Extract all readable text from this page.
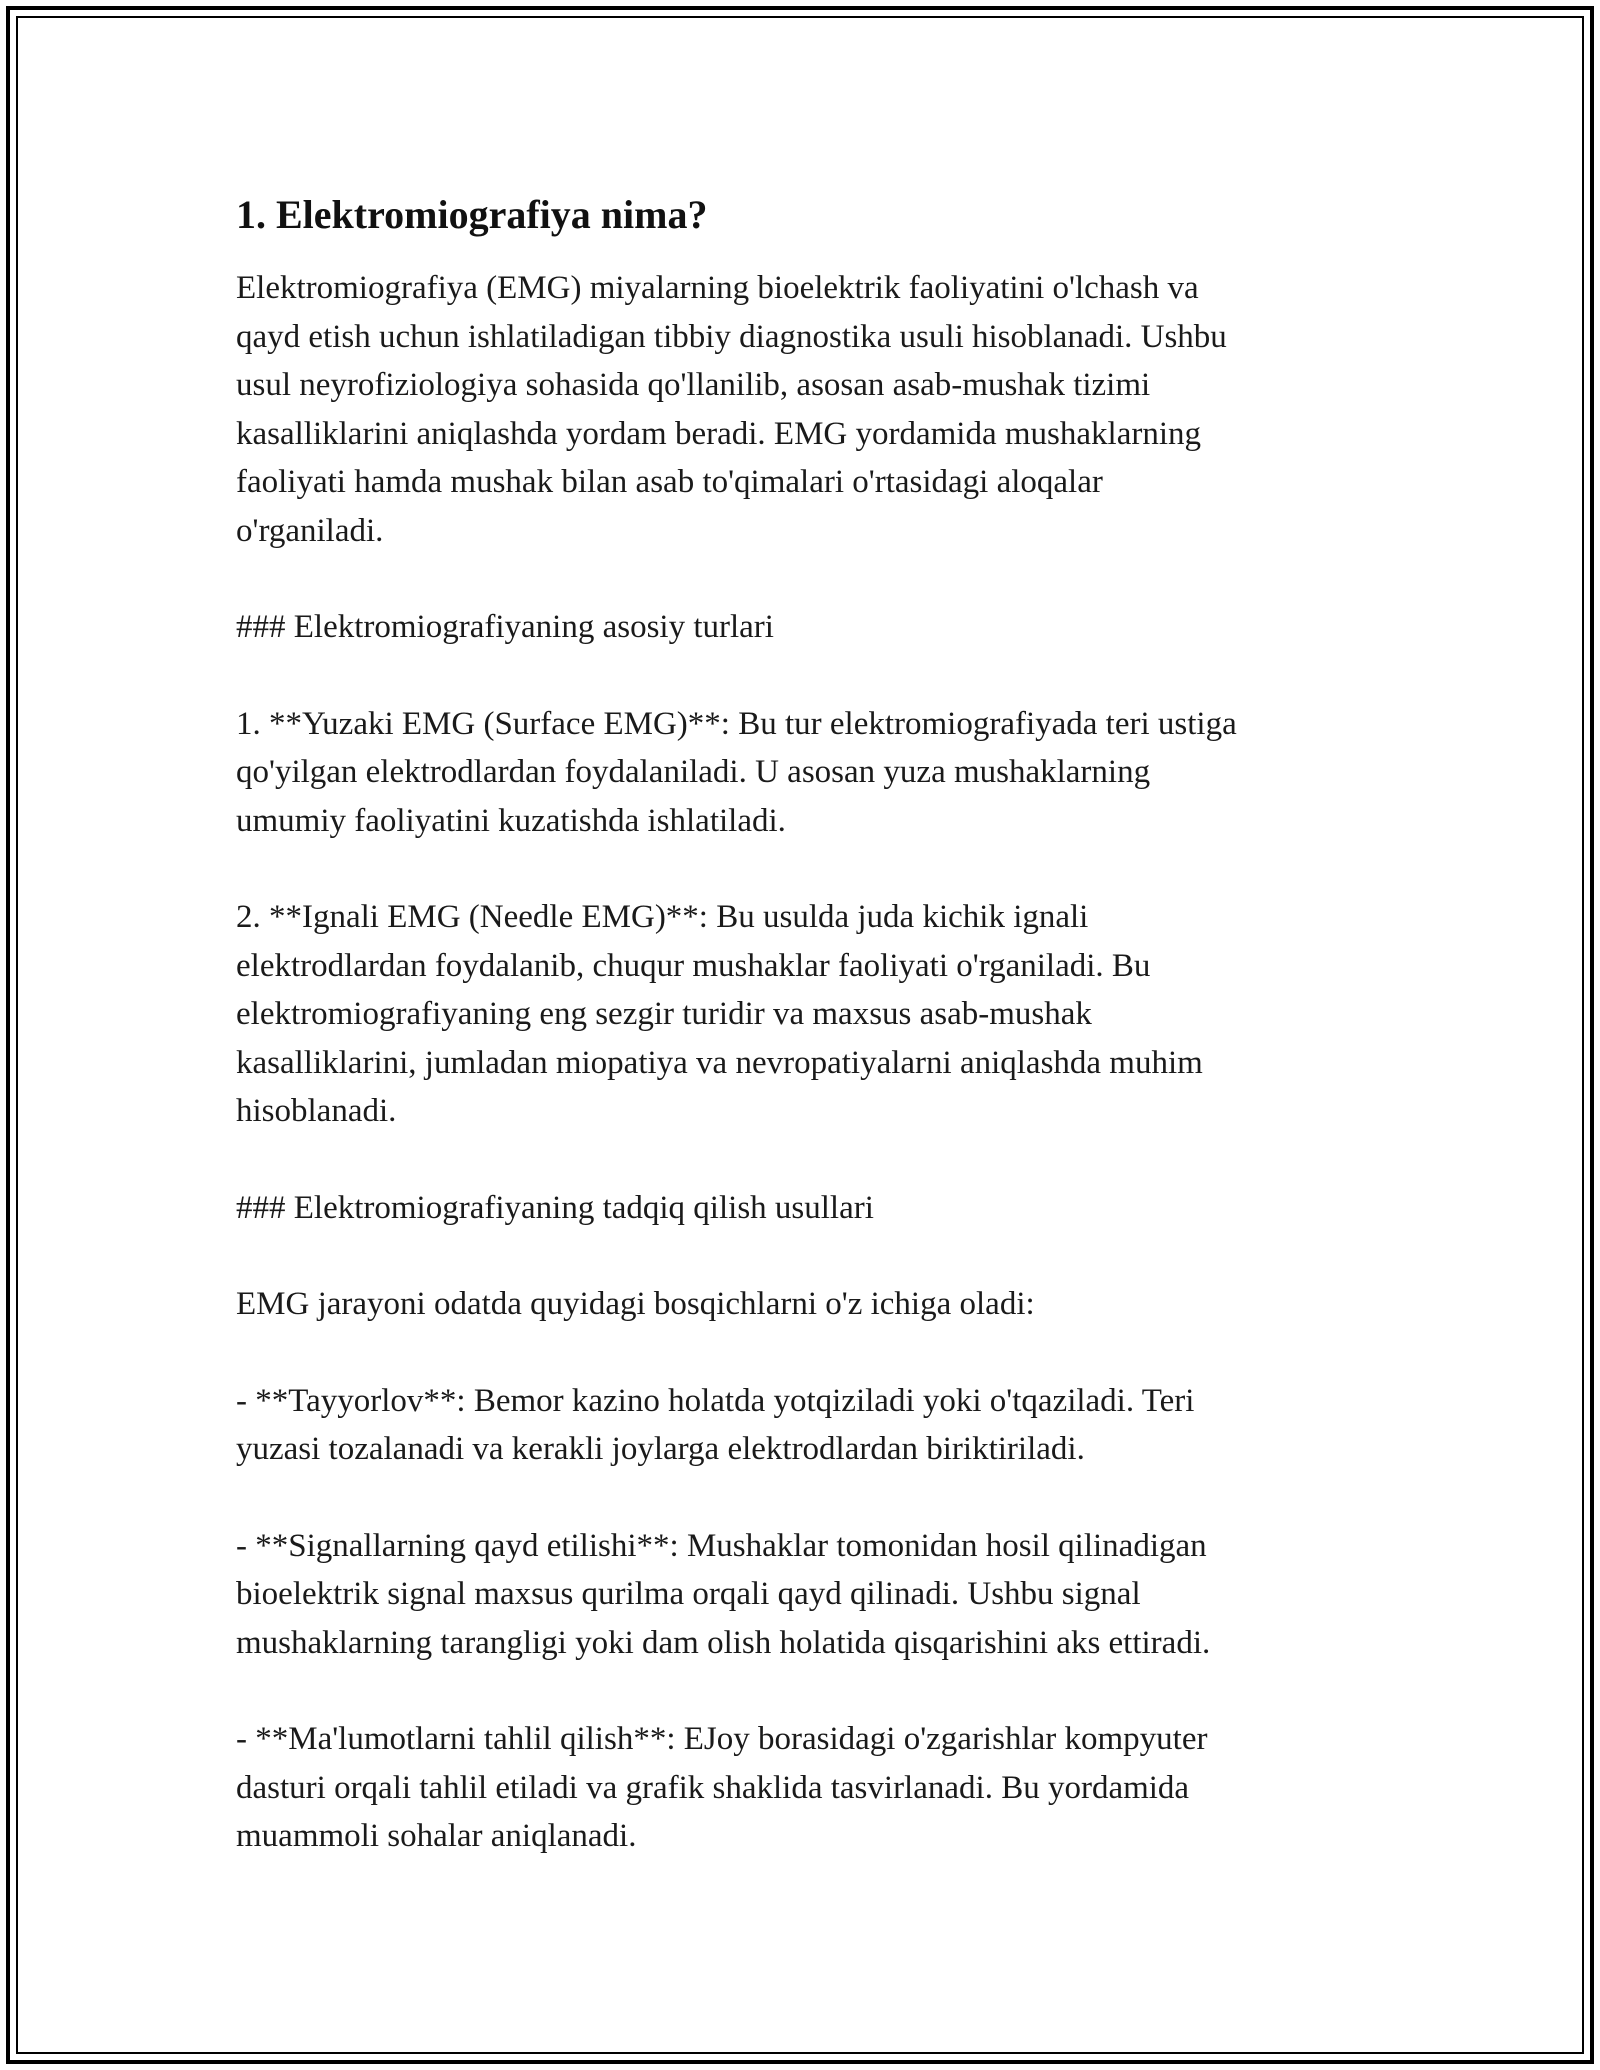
1. Elektromiografiya nima?

Elektromiografiya (EMG) miyalarning bioelektrik faoliyatini o'lchash va
qayd etish uchun ishlatiladigan tibbiy diagnostika usuli hisoblanadi. Ushbu
usul neyrofiziologiya sohasida qo'llanilib, asosan asab-mushak tizimi
kasalliklarini aniqlashda yordam beradi. EMG yordamida mushaklarning
faoliyati hamda mushak bilan asab to'qimalari o'rtasidagi aloqalar
o'rganiladi.

### Elektromiografiyaning asosiy turlari

1. **Yuzaki EMG (Surface EMG)**: Bu tur elektromiografiyada teri ustiga
qo'yilgan elektrodlardan foydalaniladi. U asosan yuza mushaklarning
umumiy faoliyatini kuzatishda ishlatiladi.

2. **Ignali EMG (Needle EMG)**: Bu usulda juda kichik ignali
elektrodlardan foydalanib, chuqur mushaklar faoliyati o'rganiladi. Bu
elektromiografiyaning eng sezgir turidir va maxsus asab-mushak
kasalliklarini, jumladan miopatiya va nevropatiyalarni aniqlashda muhim
hisoblanadi.

### Elektromiografiyaning tadqiq qilish usullari

EMG jarayoni odatda quyidagi bosqichlarni o'z ichiga oladi:

- **Tayyorlov**: Bemor kazino holatda yotqiziladi yoki o'tqaziladi. Teri
yuzasi tozalanadi va kerakli joylarga elektrodlardan biriktiriladi.

- **Signallarning qayd etilishi**: Mushaklar tomonidan hosil qilinadigan
bioelektrik signal maxsus qurilma orqali qayd qilinadi. Ushbu signal
mushaklarning tarangligi yoki dam olish holatida qisqarishini aks ettiradi.

- **Ma'lumotlarni tahlil qilish**: EJoy borasidagi o'zgarishlar kompyuter
dasturi orqali tahlil etiladi va grafik shaklida tasvirlanadi. Bu yordamida
muammoli sohalar aniqlanadi.
